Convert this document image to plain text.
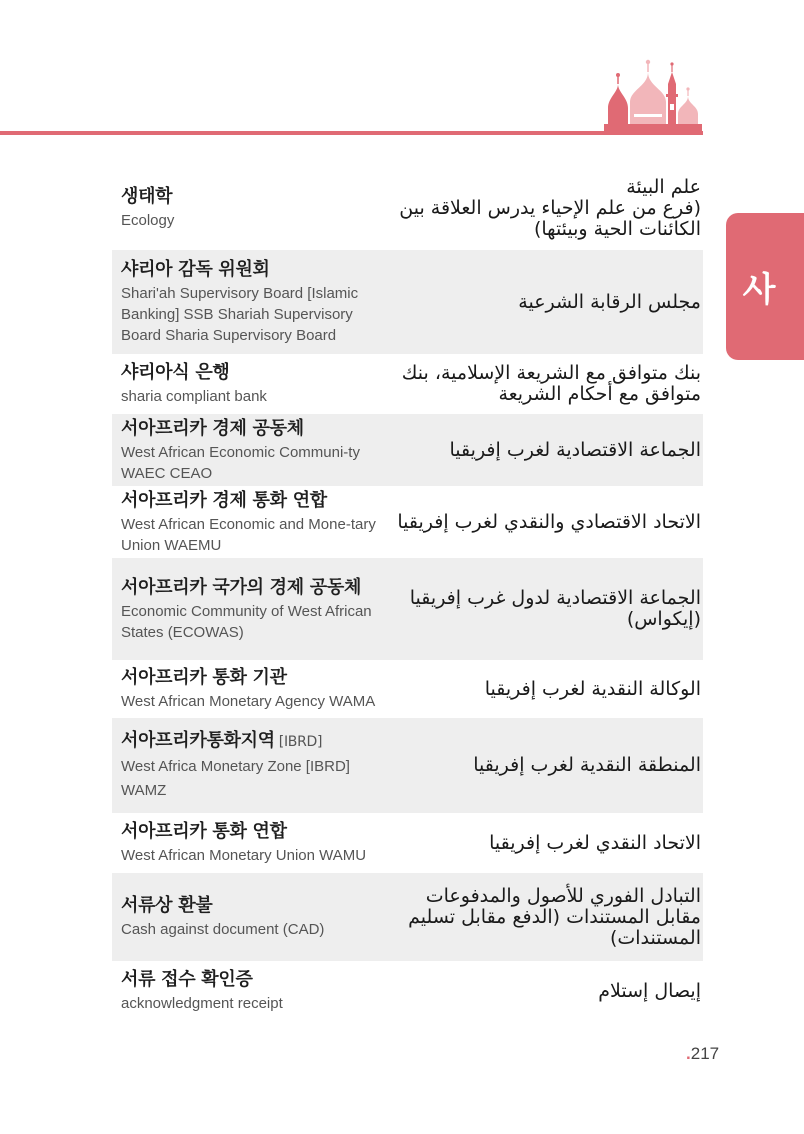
사
생태학
Ecology
علم البيئة
(فرع من علم الإحياء يدرس العلاقة بين الكائنات الحية وبيئتها)
샤리아 감독 위원회
Shari'ah Supervisory Board [Islamic Banking] SSB Shariah Supervisory Board Sharia Supervisory Board
مجلس الرقابة الشرعية
샤리아식 은행
sharia compliant bank
بنك متوافق مع الشريعة الإسلامية، بنك متوافق مع أحكام الشريعة
서아프리카 경제 공동체
West African Economic Communi-ty WAEC CEAO
الجماعة الاقتصادية لغرب إفريقيا
서아프리카 경제 통화 연합
West African Economic and Mone-tary Union WAEMU
الاتحاد الاقتصادي والنقدي لغرب إفريقيا
서아프리카 국가의 경제 공동체
Economic Community of West African States (ECOWAS)
الجماعة الاقتصادية لدول غرب إفريقيا (إيكواس)
서아프리카 통화 기관
West African Monetary Agency WAMA
الوكالة النقدية لغرب إفريقيا
서아프리카통화지역 [IBRD]
West Africa Monetary Zone [IBRD] WAMZ
المنطقة النقدية لغرب إفريقيا
서아프리카 통화 연합
West African Monetary Union WAMU
الاتحاد النقدي لغرب إفريقيا
서류상 환불
Cash against document (CAD)
التبادل الفوري للأصول والمدفوعات مقابل المستندات (الدفع مقابل تسليم المستندات)
서류 접수 확인증
acknowledgment receipt
إيصال إستلام
.217
